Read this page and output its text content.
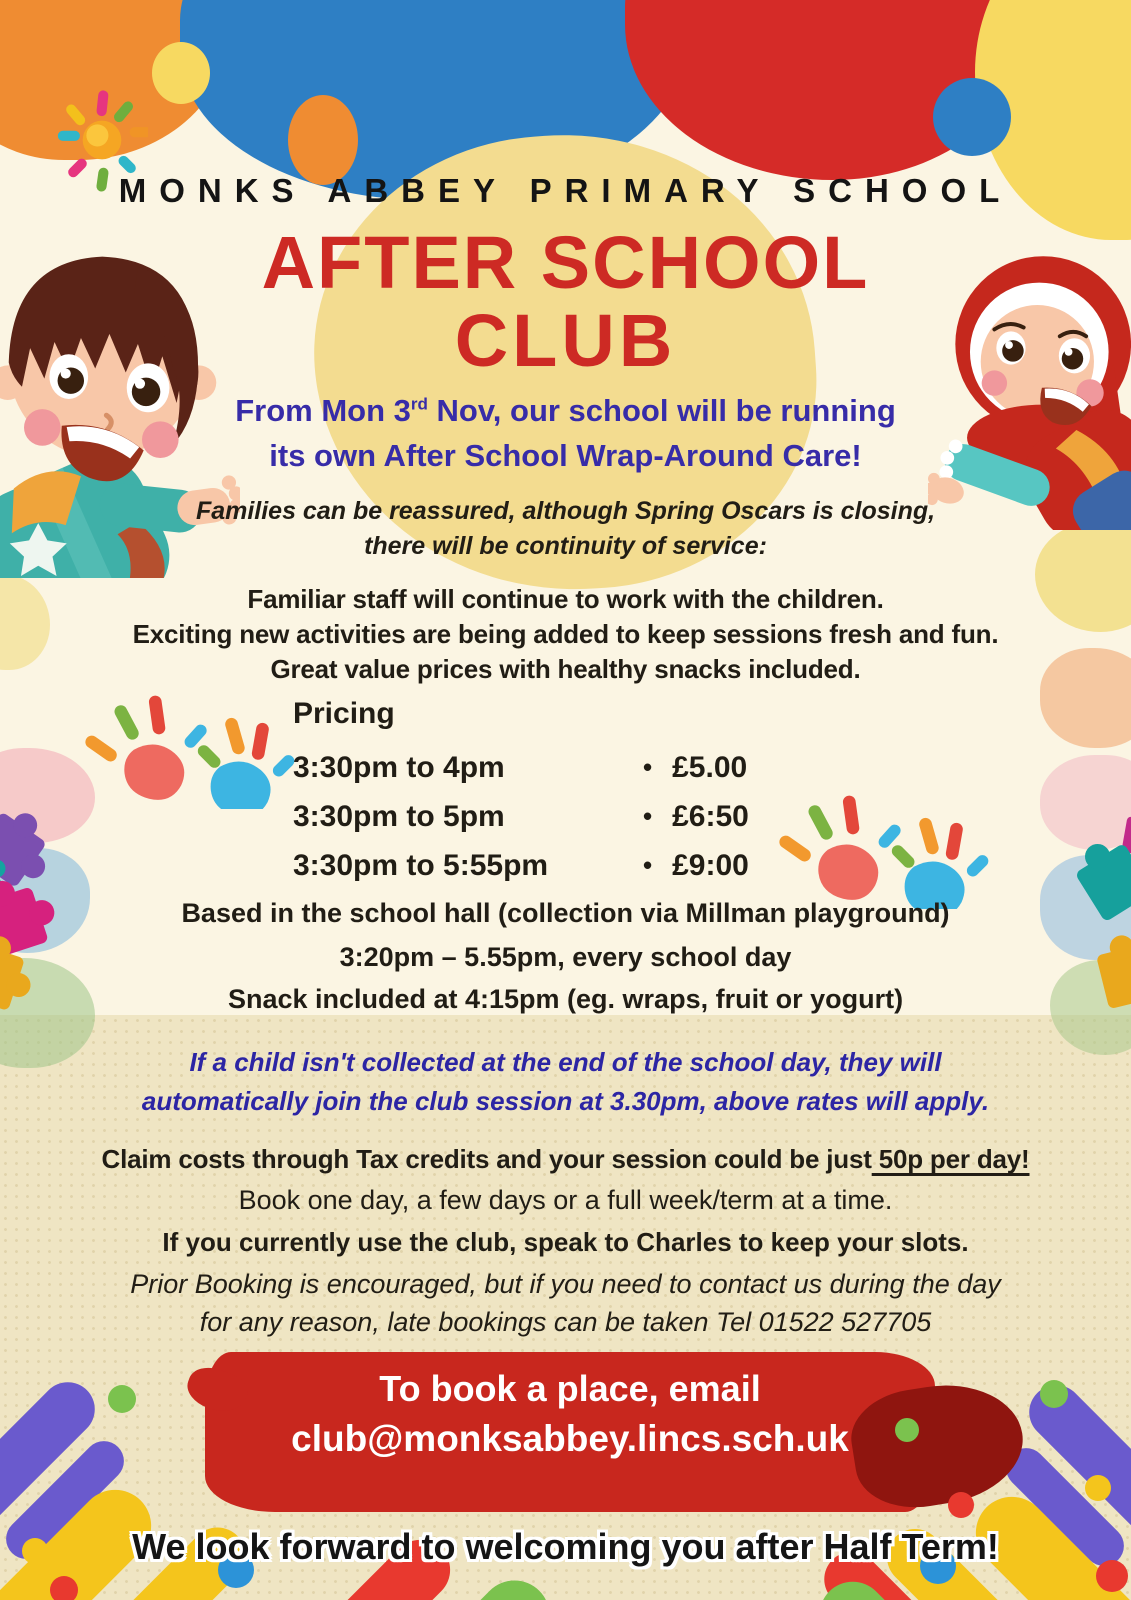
MONKS ABBEY PRIMARY SCHOOL
AFTER SCHOOL
CLUB
From Mon 3rd Nov, our school will be running
its own After School Wrap-Around Care!
Families can be reassured, although Spring Oscars is closing,
there will be continuity of service:
Familiar staff will continue to work with the children.
Exciting new activities are being added to keep sessions fresh and fun.
Great value prices with healthy snacks included.
Pricing
3:30pm to 4pm	• £5.00
3:30pm to 5pm	• £6:50
3:30pm to 5:55pm	• £9:00
Based in the school hall (collection via Millman playground)
3:20pm – 5.55pm, every school day
Snack included at 4:15pm (eg. wraps, fruit or yogurt)
If a child isn't collected at the end of the school day, they will
automatically join the club session at 3.30pm, above rates will apply.
Claim costs through Tax credits and your session could be just 50p per day!
Book one day, a few days or a full week/term at a time.
If you currently use the club, speak to Charles to keep your slots.
Prior Booking is encouraged, but if you need to contact us during the day
for any reason, late bookings can be taken Tel 01522 527705
To book a place, email
club@monksabbey.lincs.sch.uk
We look forward to welcoming you after Half Term!
